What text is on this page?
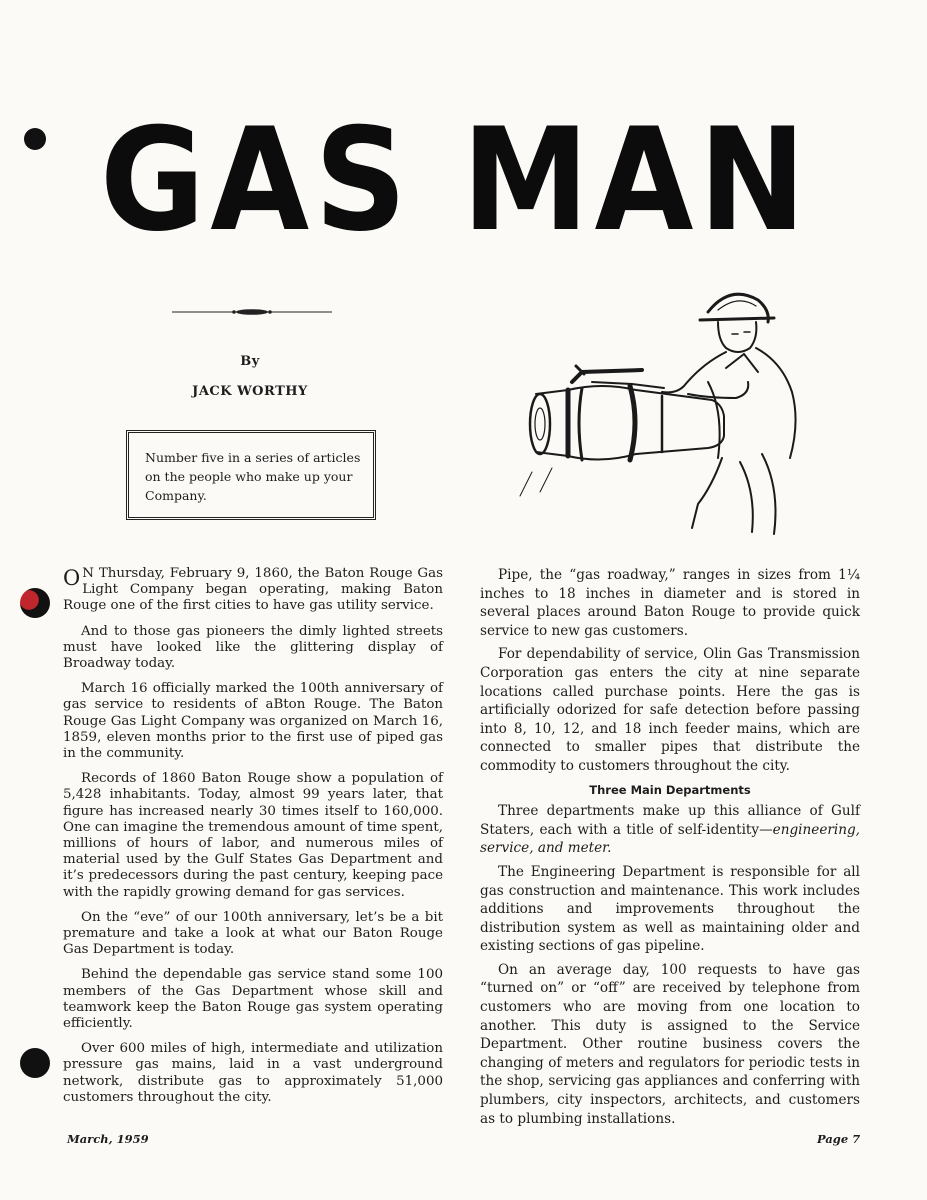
GAS MAN
By
JACK WORTHY
Number five in a series of articles on the people who make up your Company.

O N Thursday, February 9, 1860, the Baton Rouge Gas Light Company began operating, making Baton Rouge one of the first cities to have gas utility service.

And to those gas pioneers the dimly lighted streets must have looked like the glittering display of Broadway today.

March 16 officially marked the 100th anniversary of gas service to residents of aBton Rouge. The Baton Rouge Gas Light Company was organized on March 16, 1859, eleven months prior to the first use of piped gas in the community.

Records of 1860 Baton Rouge show a population of 5,428 inhabitants. Today, almost 99 years later, that figure has increased nearly 30 times itself to 160,000. One can imagine the tremendous amount of time spent, millions of hours of labor, and numerous miles of material used by the Gulf States Gas Department and it’s predecessors during the past century, keeping pace with the rapidly growing demand for gas services.

On the “eve” of our 100th anniversary, let’s be a bit premature and take a look at what our Baton Rouge Gas Department is today.

Behind the dependable gas service stand some 100 members of the Gas Department whose skill and teamwork keep the Baton Rouge gas system operating efficiently.

Over 600 miles of high, intermediate and utilization pressure gas mains, laid in a vast underground network, distribute gas to approximately 51,000 customers throughout the city.

Pipe, the “gas roadway,” ranges in sizes from 1¼ inches to 18 inches in diameter and is stored in several places around Baton Rouge to provide quick service to new gas customers.

For dependability of service, Olin Gas Transmission Corporation gas enters the city at nine separate locations called purchase points. Here the gas is artificially odorized for safe detection before passing into 8, 10, 12, and 18 inch feeder mains, which are connected to smaller pipes that distribute the commodity to customers throughout the city.

Three Main Departments

Three departments make up this alliance of Gulf Staters, each with a title of self-identity—engineering, service, and meter.

The Engineering Department is responsible for all gas construction and maintenance. This work includes additions and improvements throughout the distribution system as well as maintaining older and existing sections of gas pipeline.

On an average day, 100 requests to have gas “turned on” or “off” are received by telephone from customers who are moving from one location to another. This duty is assigned to the Service Department. Other routine business covers the changing of meters and regulators for periodic tests in the shop, servicing gas appliances and conferring with plumbers, city inspectors, architects, and customers as to plumbing installations.

March, 1959	Page 7
